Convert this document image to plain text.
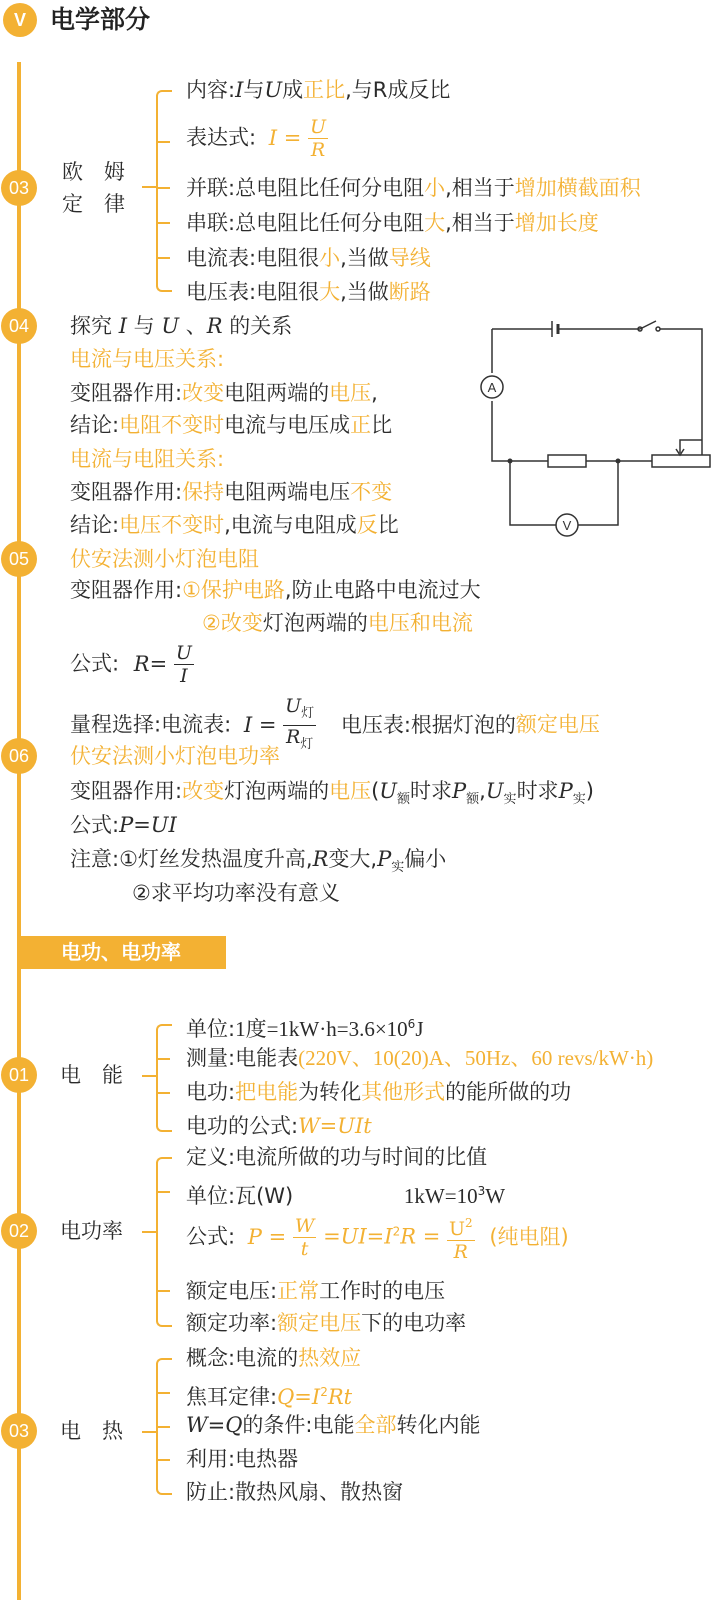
V 电学部分
03
欧　姆
定　律
内容:I与U成正比,与R成反比
表达式: $I = \frac{U}{R}$
并联:总电阻比任何分电阻小,相当于增加横截面积
串联:总电阻比任何分电阻大,相当于增加长度
电流表:电阻很小,当做导线
电压表:电阻很大,当做断路
04	探究 I 与 U 、R 的关系
电流与电压关系:
变阻器作用:改变电阻两端的电压,
结论:电阻不变时电流与电压成正比
电流与电阻关系:
变阻器作用:保持电阻两端电压不变
结论:电压不变时,电流与电阻成反比
A
V
05	伏安法测小灯泡电阻
变阻器作用:①保护电路,防止电路中电流过大
②改变灯泡两端的电压和电流
公式: $R= \frac{U}{I}$
量程选择:电流表: $I = \frac{U_灯}{R_灯}$ 电压表:根据灯泡的额定电压
06	伏安法测小灯泡电功率
变阻器作用:改变灯泡两端的电压($U_额$时求$P_额,U_实$时求$P_实$)
公式:P=UI
注意:①灯丝发热温度升高,R变大$,P_实$偏小
②求平均功率没有意义
电功、电功率
01	电　能
单位:1度$=1kW\cdot h=3.6\times 10^6J$
测量:电能表(220V、10(20)A、50Hz、60 revs/kW·h)
电功:把电能为转化其他形式的能所做的功
电功的公式:W=UIt
02	电功率
定义:电流所做的功与时间的比值
单位:瓦(W)	$1kW=10^3W$
公式: $P = \frac{W}{t} =UI=I^2R = \frac{U^2}{R}$ (纯电阻)
额定电压:正常工作时的电压
额定功率:额定电压下的电功率
03	电　热
概念:电流的热效应
焦耳定律$:Q=I^2Rt$
W=Q的条件:电能全部转化内能
利用:电热器
防止:散热风扇、散热窗
